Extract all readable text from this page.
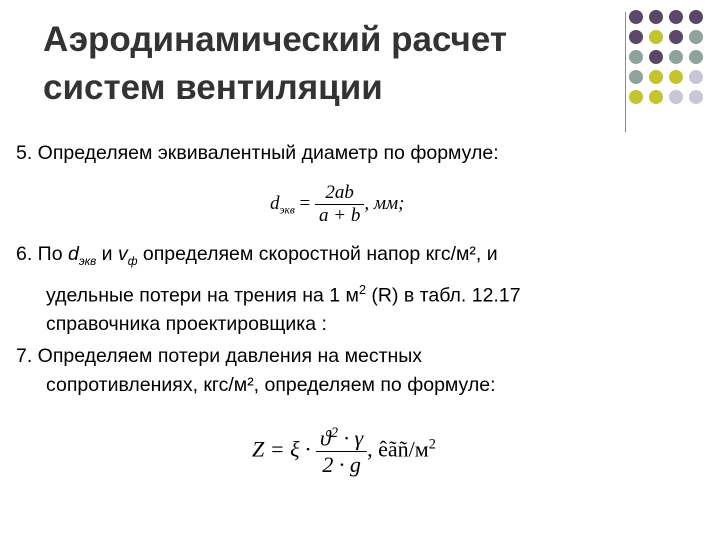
Аэродинамический расчет
систем вентиляции
5. Определяем эквивалентный диаметр по формуле:
$d_{экв} = \frac{2ab}{a + b}$ , мм;
6. По $d_{экв}$ и $v_ф$ определяем скоростной напор кгс/м², и
удельные потери на трения на 1 $м^2$ (R) в табл. 12.17
справочника проектировщика :
7. Определяем потери давления на местных
сопротивлениях, кгс/м², определяем по формуле:
$Z = \xi \cdot \frac{ϑ^2 \cdot \gamma}{2 \cdot g}$ , êãñ/$м^2$
